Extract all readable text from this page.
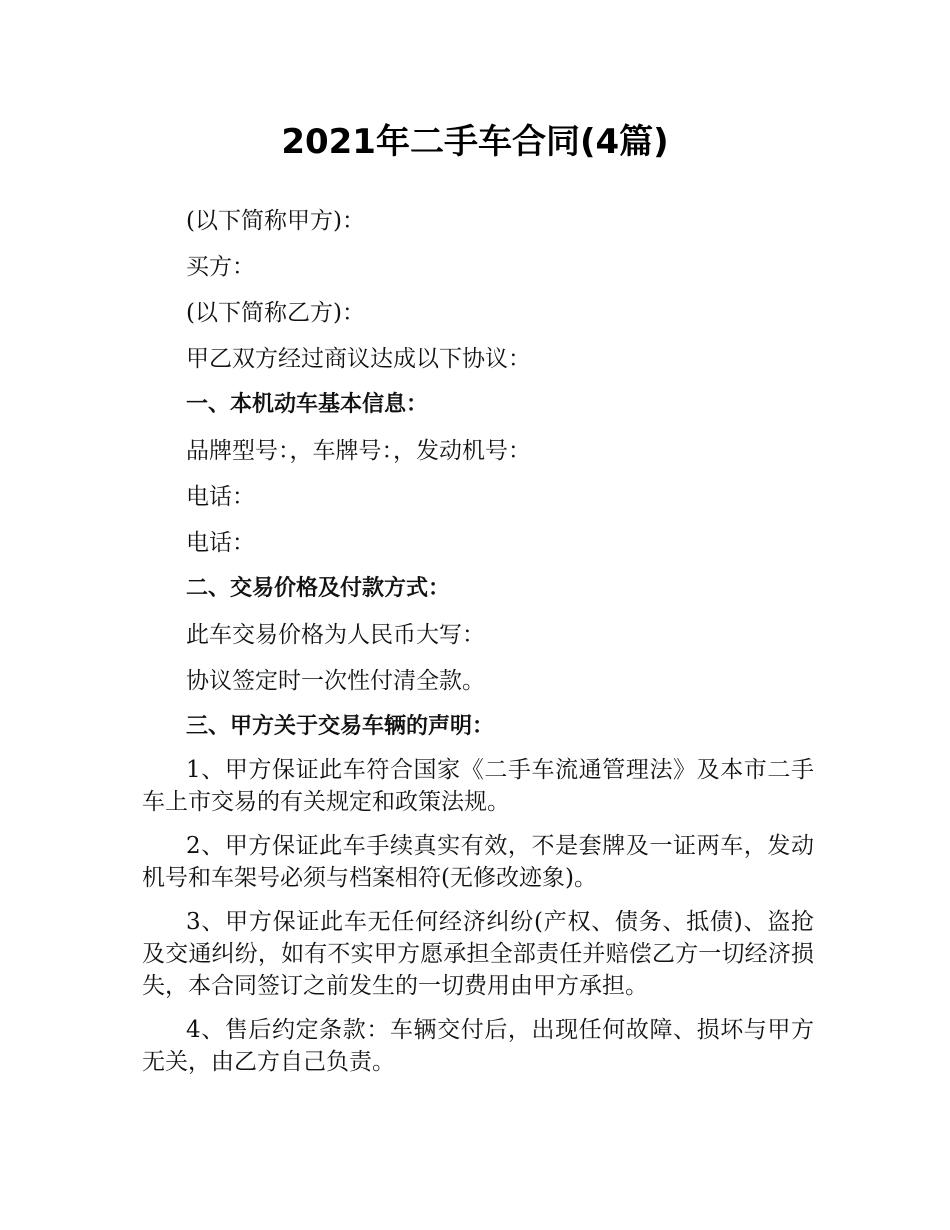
2021年二手车合同(4篇)

(以下简称甲方)：

买方：

(以下简称乙方)：

甲乙双方经过商议达成以下协议：

一、本机动车基本信息：

品牌型号：，车牌号：，发动机号：

电话：

电话：

二、交易价格及付款方式：

此车交易价格为人民币大写：

协议签定时一次性付清全款。

三、甲方关于交易车辆的声明：

1、甲方保证此车符合国家《二手车流通管理法》及本市二手车上市交易的有关规定和政策法规。

2、甲方保证此车手续真实有效，不是套牌及一证两车，发动机号和车架号必须与档案相符(无修改迹象)。

3、甲方保证此车无任何经济纠纷(产权、债务、抵债)、盗抢及交通纠纷，如有不实甲方愿承担全部责任并赔偿乙方一切经济损失，本合同签订之前发生的一切费用由甲方承担。

4、售后约定条款：车辆交付后，出现任何故障、损坏与甲方无关，由乙方自己负责。
